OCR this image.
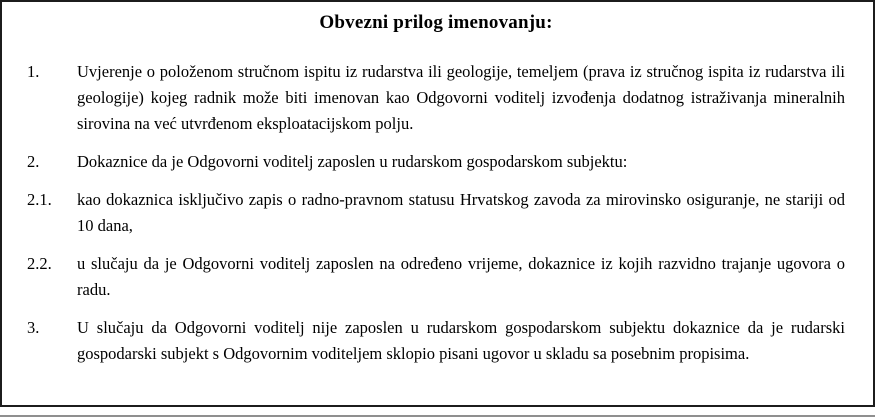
Obvezni prilog imenovanju:
1.	Uvjerenje o položenom stručnom ispitu iz rudarstva ili geologije, temeljem (prava iz stručnog ispita iz rudarstva ili geologije) kojeg radnik može biti imenovan kao Odgovorni voditelj izvođenja dodatnog istraživanja mineralnih sirovina na već utvrđenom eksploatacijskom polju.
2.	Dokaznice da je Odgovorni voditelj zaposlen u rudarskom gospodarskom subjektu:
2.1.	kao dokaznica isključivo zapis o radno-pravnom statusu Hrvatskog zavoda za mirovinsko osiguranje, ne stariji od 10 dana,
2.2.	u slučaju da je Odgovorni voditelj zaposlen na određeno vrijeme, dokaznice iz kojih razvidno trajanje ugovora o radu.
3.	U slučaju da Odgovorni voditelj nije zaposlen u rudarskom gospodarskom subjektu dokaznice da je rudarski gospodarski subjekt s Odgovornim voditeljem sklopio pisani ugovor u skladu sa posebnim propisima.
